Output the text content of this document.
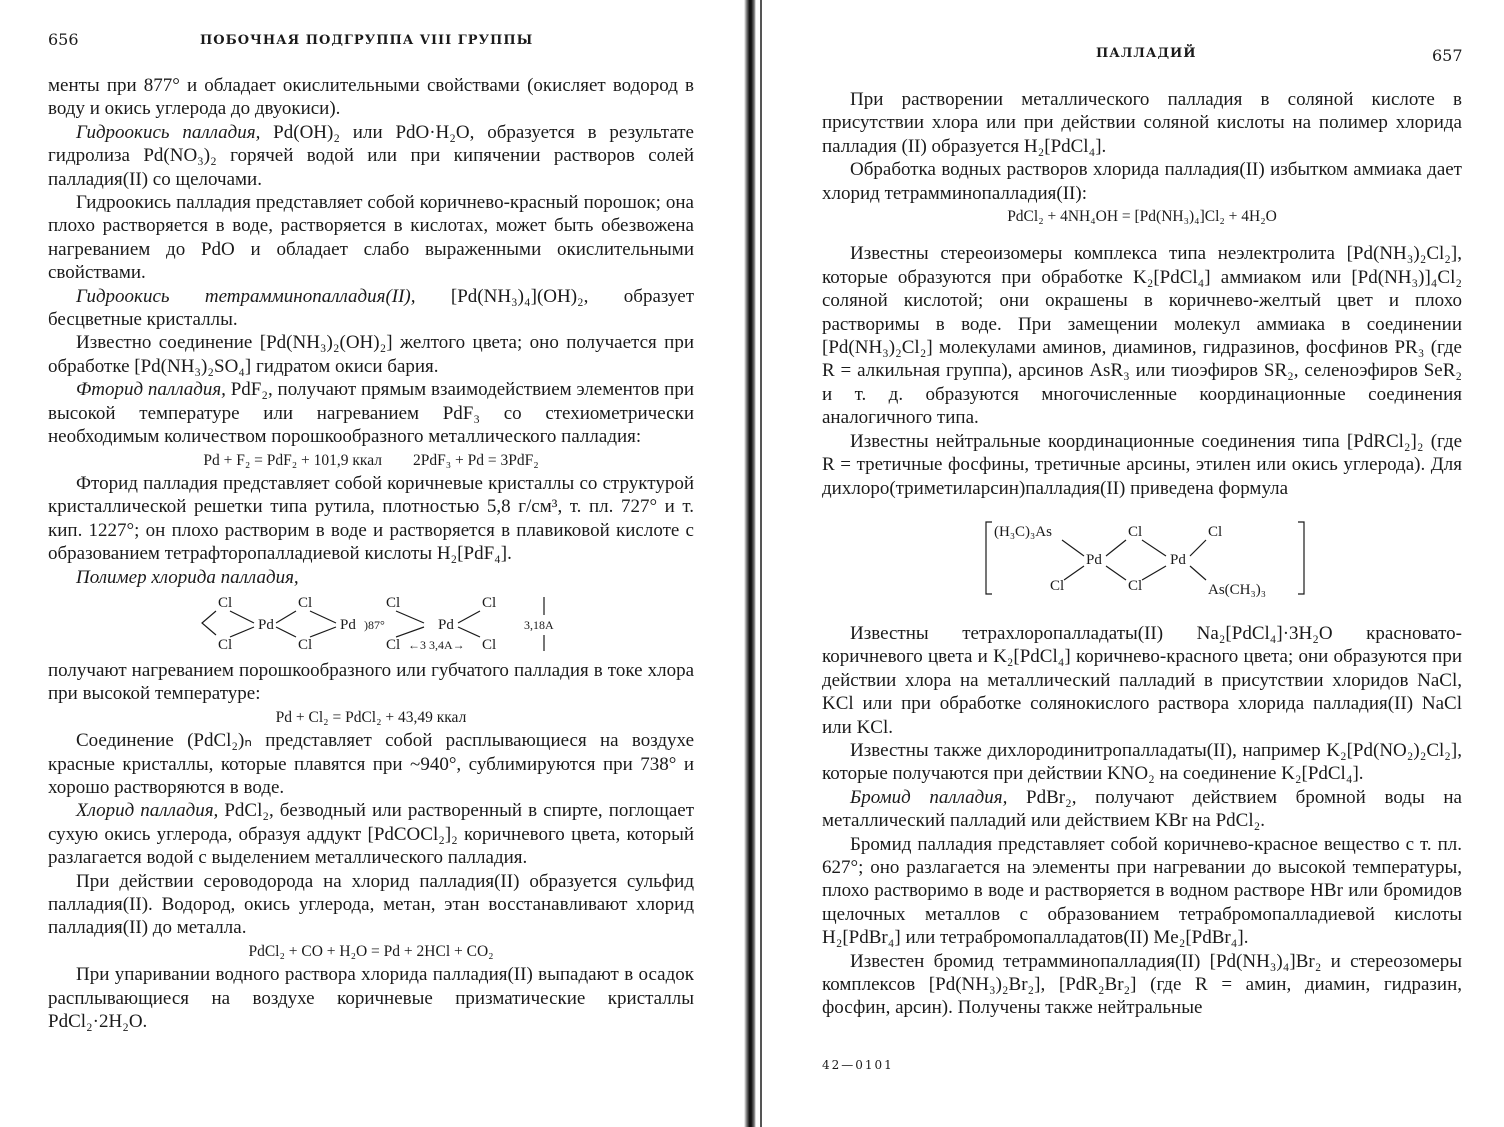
656	ПОБОЧНАЯ ПОДГРУППА VIII ГРУППЫ

менты при 877° и обладает окислительными свойствами (окисляет водород в воду и окись углерода до двуокиси).

Гидроокись палладия, Pd(OH)₂ или PdO·H₂O, образуется в результате гидролиза Pd(NO₃)₂ горячей водой или при кипячении растворов солей палладия(II) со щелочами.

Гидроокись палладия представляет собой коричнево-красный порошок; она плохо растворяется в воде, растворяется в кислотах, может быть обезвожена нагреванием до PdO и обладает слабо выраженными окислительными свойствами.

Гидроокись тетрамминопалладия(II), [Pd(NH₃)₄](OH)₂, образует бесцветные кристаллы.

Известно соединение [Pd(NH₃)₂(OH)₂] желтого цвета; оно получается при обработке [Pd(NH₃)₂SO₄] гидратом окиси бария.

Фторид палладия, PdF₂, получают прямым взаимодействием элементов при высокой температуре или нагреванием PdF₃ со стехиометрически необходимым количеством порошкообразного металлического палладия:

Pd + F₂ = PdF₂ + 101,9 ккал        2PdF₃ + Pd = 3PdF₂

Фторид палладия представляет собой коричневые кристаллы со структурой кристаллической решетки типа рутила, плотностью 5,8 г/см³, т. пл. 727° и т. кип. 1227°; он плохо растворим в воде и растворяется в плавиковой кислоте с образованием тетрафторопалладиевой кислоты H₂[PdF₄].

Полимер хлорида палладия,

Cl
Cl
Pd
Cl
Cl
Pd
Cl
Cl
)87°	Pd
Cl
Cl
←3 3,4A→
3,18A

получают нагреванием порошкообразного или губчатого палладия в токе хлора при высокой температуре:

Pd + Cl₂ = PdCl₂ + 43,49 ккал

Соединение (PdCl₂)ₙ представляет собой расплывающиеся на воздухе красные кристаллы, которые плавятся при ~940°, сублимируются при 738° и хорошо растворяются в воде.

Хлорид палладия, PdCl₂, безводный или растворенный в спирте, поглощает сухую окись углерода, образуя аддукт [PdCOCl₂]₂ коричневого цвета, который разлагается водой с выделением металлического палладия.

При действии сероводорода на хлорид палладия(II) образуется сульфид палладия(II). Водород, окись углерода, метан, этан восстанавливают хлорид палладия(II) до металла.

PdCl₂ + CO + H₂O = Pd + 2HCl + CO₂

При упаривании водного раствора хлорида палладия(II) выпадают в осадок расплывающиеся на воздухе коричневые призматические кристаллы PdCl₂·2H₂O.

ПАЛЛАДИЙ	657

При растворении металлического палладия в соляной кислоте в присутствии хлора или при действии соляной кислоты на полимер хлорида палладия (II) образуется H₂[PdCl₄].

Обработка водных растворов хлорида палладия(II) избытком аммиака дает хлорид тетрамминопалладия(II):

PdCl₂ + 4NH₄OH = [Pd(NH₃)₄]Cl₂ + 4H₂O

Известны стереоизомеры комплекса типа неэлектролита [Pd(NH₃)₂Cl₂], которые образуются при обработке K₂[PdCl₄] аммиаком или [Pd(NH₃)]₄Cl₂ соляной кислотой; они окрашены в коричнево-желтый цвет и плохо растворимы в воде. При замещении молекул аммиака в соединении [Pd(NH₃)₂Cl₂] молекулами аминов, диаминов, гидразинов, фосфинов PR₃ (где R = алкильная группа), арсинов AsR₃ или тиоэфиров SR₂, селеноэфиров SeR₂ и т. д. образуются многочисленные координационные соединения аналогичного типа.

Известны нейтральные координационные соединения типа [PdRCl₂]₂ (где R = третичные фосфины, третичные арсины, этилен или окись углерода). Для дихлоро(триметиларсин)палладия(II) приведена формула

(H₃C)₃As
Cl
Pd
Cl
Cl
Pd
Cl
As(CH₃)₃

Известны тетрахлоропалладаты(II) Na₂[PdCl₄]·3H₂O красновато-коричневого цвета и K₂[PdCl₄] коричнево-красного цвета; они образуются при действии хлора на металлический палладий в присутствии хлоридов NaCl, KCl или при обработке солянокислого раствора хлорида палладия(II) NaCl или KCl.

Известны также дихлородинитропалладаты(II), например K₂[Pd(NO₂)₂Cl₂], которые получаются при действии KNO₂ на соединение K₂[PdCl₄].

Бромид палладия, PdBr₂, получают действием бромной воды на металлический палладий или действием KBr на PdCl₂.

Бромид палладия представляет собой коричнево-красное вещество с т. пл. 627°; оно разлагается на элементы при нагревании до высокой температуры, плохо растворимо в воде и растворяется в водном растворе HBr или бромидов щелочных металлов с образованием тетрабромопалладиевой кислоты H₂[PdBr₄] или тетрабромопалладатов(II) Me₂[PdBr₄].

Известен бромид тетрамминопалладия(II) [Pd(NH₃)₄]Br₂ и стереозомеры комплексов [Pd(NH₃)₂Br₂], [PdR₂Br₂] (где R = амин, диамин, гидразин, фосфин, арсин). Получены также нейтральные

42—0101
